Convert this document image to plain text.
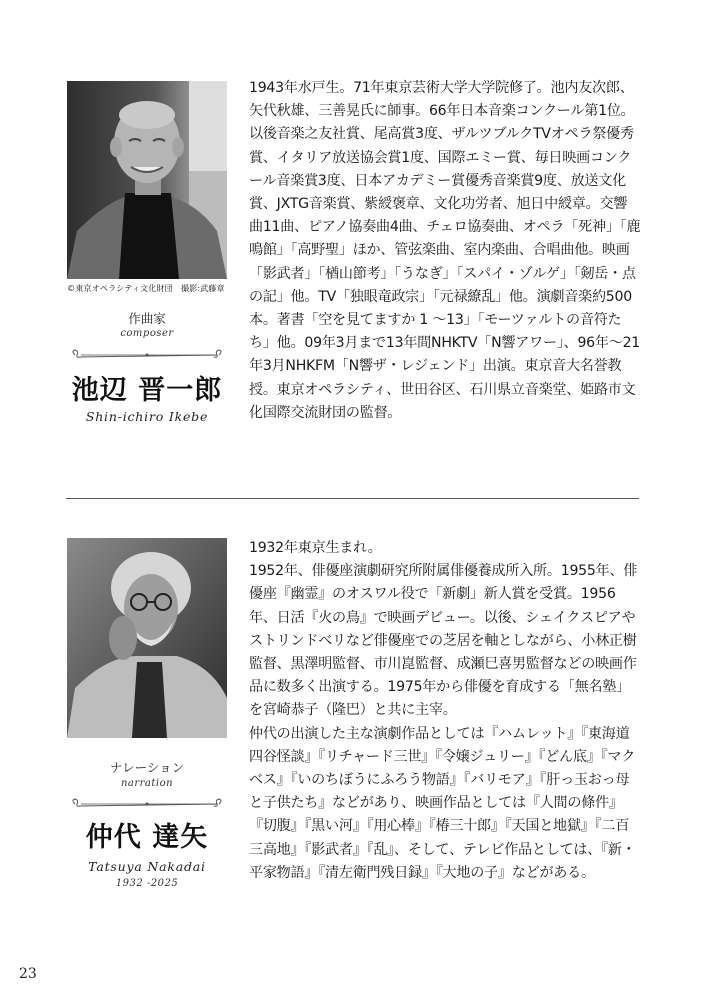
©東京オペラシティ文化財団　撮影:武藤章
作曲家
composer
池辺 晋一郎
Shin-ichiro Ikebe

1943年水戸生。71年東京芸術大学大学院修了。池内友次郎、矢代秋雄、三善晃氏に師事。66年日本音楽コンクール第1位。以後音楽之友社賞、尾高賞3度、ザルツブルクTVオペラ祭優秀賞、イタリア放送協会賞1度、国際エミー賞、毎日映画コンクール音楽賞3度、日本アカデミー賞優秀音楽賞9度、放送文化賞、JXTG音楽賞、紫綬褒章、文化功労者、旭日中綬章。交響曲11曲、ピアノ協奏曲4曲、チェロ協奏曲、オペラ「死神」「鹿鳴館」「高野聖」ほか、管弦楽曲、室内楽曲、合唱曲他。映画「影武者」「楢山節考」「うなぎ」「スパイ・ゾルゲ」「剱岳・点の記」他。TV「独眼竜政宗」「元禄繚乱」他。演劇音楽約500本。著書「空を見てますか 1 〜13」「モーツァルトの音符たち」他。09年3月まで13年間NHKTV「N響アワー」、96年〜21年3月NHKFM「N響ザ・レジェンド」出演。東京音大名誉教授。東京オペラシティ、世田谷区、石川県立音楽堂、姫路市文化国際交流財団の監督。

ナレーション
narration
仲代 達矢
Tatsuya Nakadai
1932 -2025

1932年東京生まれ。

1952年、俳優座演劇研究所附属俳優養成所入所。1955年、俳優座『幽霊』のオスワル役で「新劇」新人賞を受賞。1956年、日活『火の鳥』で映画デビュー。以後、シェイクスピアやストリンドベリなど俳優座での芝居を軸としながら、小林正樹監督、黒澤明監督、市川崑監督、成瀬巳喜男監督などの映画作品に数多く出演する。1975年から俳優を育成する「無名塾」を宮崎恭子（隆巴）と共に主宰。

仲代の出演した主な演劇作品としては『ハムレット』『東海道四谷怪談』『リチャード三世』『令嬢ジュリー』『どん底』『マクベス』『いのちぼうにふろう物語』『バリモア』『肝っ玉おっ母と子供たち』などがあり、映画作品としては『人間の條件』『切腹』『黒い河』『用心棒』『椿三十郎』『天国と地獄』『二百三高地』『影武者』『乱』、そして、テレビ作品としては、『新・平家物語』『清左衛門残日録』『大地の子』などがある。

23
